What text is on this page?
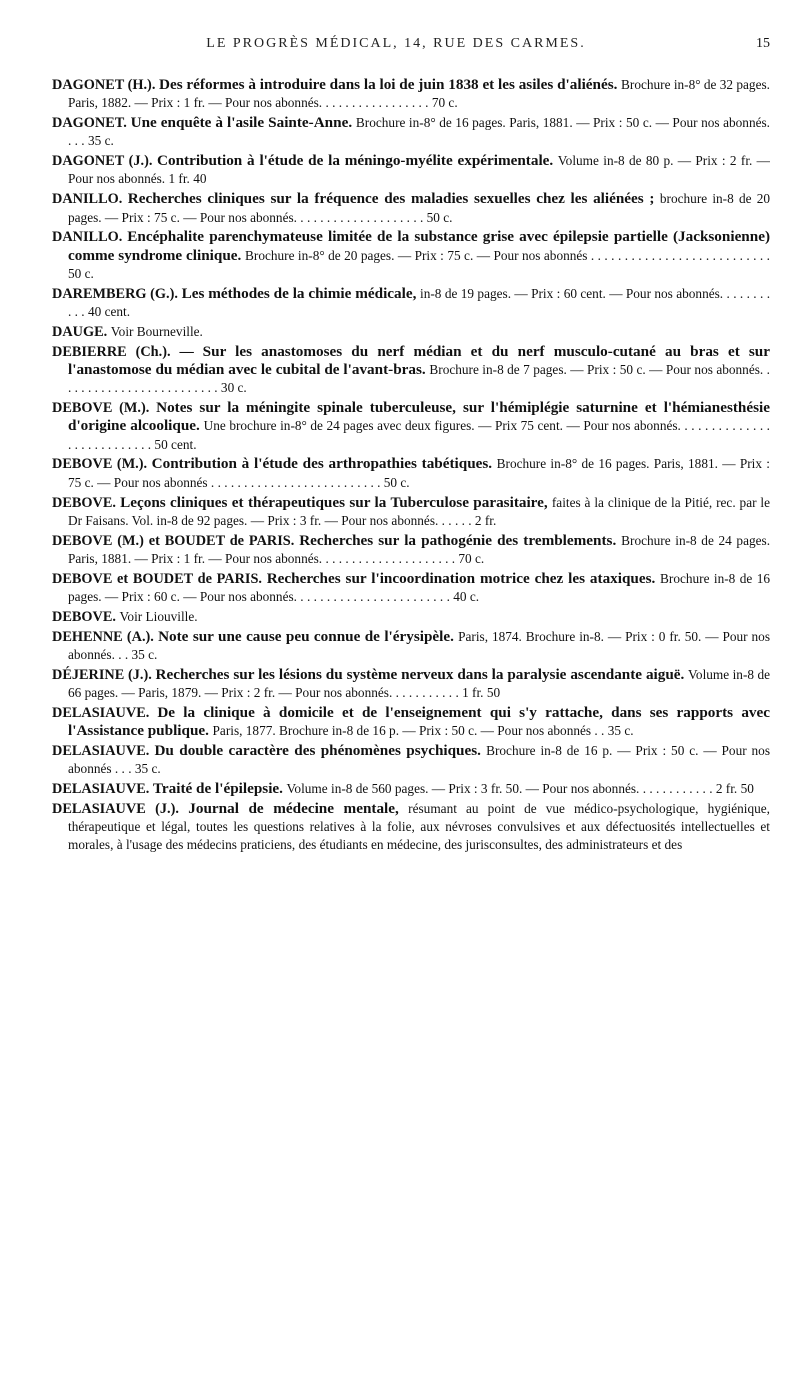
LE PROGRÈS MÉDICAL, 14, RUE DES CARMES.	15

DAGONET (H.). Des réformes à introduire dans la loi de juin 1838 et les asiles d'aliénés. Brochure in-8° de 32 pages. Paris, 1882. — Prix : 1 fr. — Pour nos abonnés. . . . . . . . . . . . . . . . . 70 c.

DAGONET. Une enquête à l'asile Sainte-Anne. Brochure in-8° de 16 pages. Paris, 1881. — Prix : 50 c. — Pour nos abonnés. . . . 35 c.

DAGONET (J.). Contribution à l'étude de la méningo-myélite expérimentale. Volume in-8 de 80 p. — Prix : 2 fr. — Pour nos abonnés. 1 fr. 40

DANILLO. Recherches cliniques sur la fréquence des maladies sexuelles chez les aliénées ; brochure in-8 de 20 pages. — Prix : 75 c. — Pour nos abonnés. . . . . . . . . . . . . . . . . . . . 50 c.

DANILLO. Encéphalite parenchymateuse limitée de la substance grise avec épilepsie partielle (Jacksonienne) comme syndrome clinique. Brochure in-8° de 20 pages. — Prix : 75 c. — Pour nos abonnés . . . . . . . . . . . . . . . . . . . . . . . . . . . 50 c.

DAREMBERG (G.). Les méthodes de la chimie médicale, in-8 de 19 pages. — Prix : 60 cent. — Pour nos abonnés. . . . . . . . . . . 40 cent.

DAUGE. Voir Bourneville.

DEBIERRE (Ch.). — Sur les anastomoses du nerf médian et du nerf musculo-cutané au bras et sur l'anastomose du médian avec le cubital de l'avant-bras. Brochure in-8 de 7 pages. — Prix : 50 c. — Pour nos abonnés. . . . . . . . . . . . . . . . . . . . . . . . . 30 c.

DEBOVE (M.). Notes sur la méningite spinale tuberculeuse, sur l'hémiplégie saturnine et l'hémianesthésie d'origine alcoolique. Une brochure in-8° de 24 pages avec deux figures. — Prix 75 cent. — Pour nos abonnés. . . . . . . . . . . . . . . . . . . . . . . . . . . 50 cent.

DEBOVE (M.). Contribution à l'étude des arthropathies tabétiques. Brochure in-8° de 16 pages. Paris, 1881. — Prix : 75 c. — Pour nos abonnés . . . . . . . . . . . . . . . . . . . . . . . . . . 50 c.

DEBOVE. Leçons cliniques et thérapeutiques sur la Tuberculose parasitaire, faites à la clinique de la Pitié, rec. par le Dr Faisans. Vol. in-8 de 92 pages. — Prix : 3 fr. — Pour nos abonnés. . . . . . 2 fr.

DEBOVE (M.) et BOUDET de PARIS. Recherches sur la pathogénie des tremblements. Brochure in-8 de 24 pages. Paris, 1881. — Prix : 1 fr. — Pour nos abonnés. . . . . . . . . . . . . . . . . . . . . 70 c.

DEBOVE et BOUDET de PARIS. Recherches sur l'incoordination motrice chez les ataxiques. Brochure in-8 de 16 pages. — Prix : 60 c. — Pour nos abonnés. . . . . . . . . . . . . . . . . . . . . . . . 40 c.

DEBOVE. Voir Liouville.

DEHENNE (A.). Note sur une cause peu connue de l'érysipèle. Paris, 1874. Brochure in-8. — Prix : 0 fr. 50. — Pour nos abonnés. . . 35 c.

DÉJERINE (J.). Recherches sur les lésions du système nerveux dans la paralysie ascendante aiguë. Volume in-8 de 66 pages. — Paris, 1879. — Prix : 2 fr. — Pour nos abonnés. . . . . . . . . . . 1 fr. 50

DELASIAUVE. De la clinique à domicile et de l'enseignement qui s'y rattache, dans ses rapports avec l'Assistance publique. Paris, 1877. Brochure in-8 de 16 p. — Prix : 50 c. — Pour nos abonnés . . 35 c.

DELASIAUVE. Du double caractère des phénomènes psychiques. Brochure in-8 de 16 p. — Prix : 50 c. — Pour nos abonnés . . . 35 c.

DELASIAUVE. Traité de l'épilepsie. Volume in-8 de 560 pages. — Prix : 3 fr. 50. — Pour nos abonnés. . . . . . . . . . . . 2 fr. 50

DELASIAUVE (J.). Journal de médecine mentale, résumant au point de vue médico-psychologique, hygiénique, thérapeutique et légal, toutes les questions relatives à la folie, aux névroses convulsives et aux défectuosités intellectuelles et morales, à l'usage des médecins praticiens, des étudiants en médecine, des jurisconsultes, des administrateurs et des
